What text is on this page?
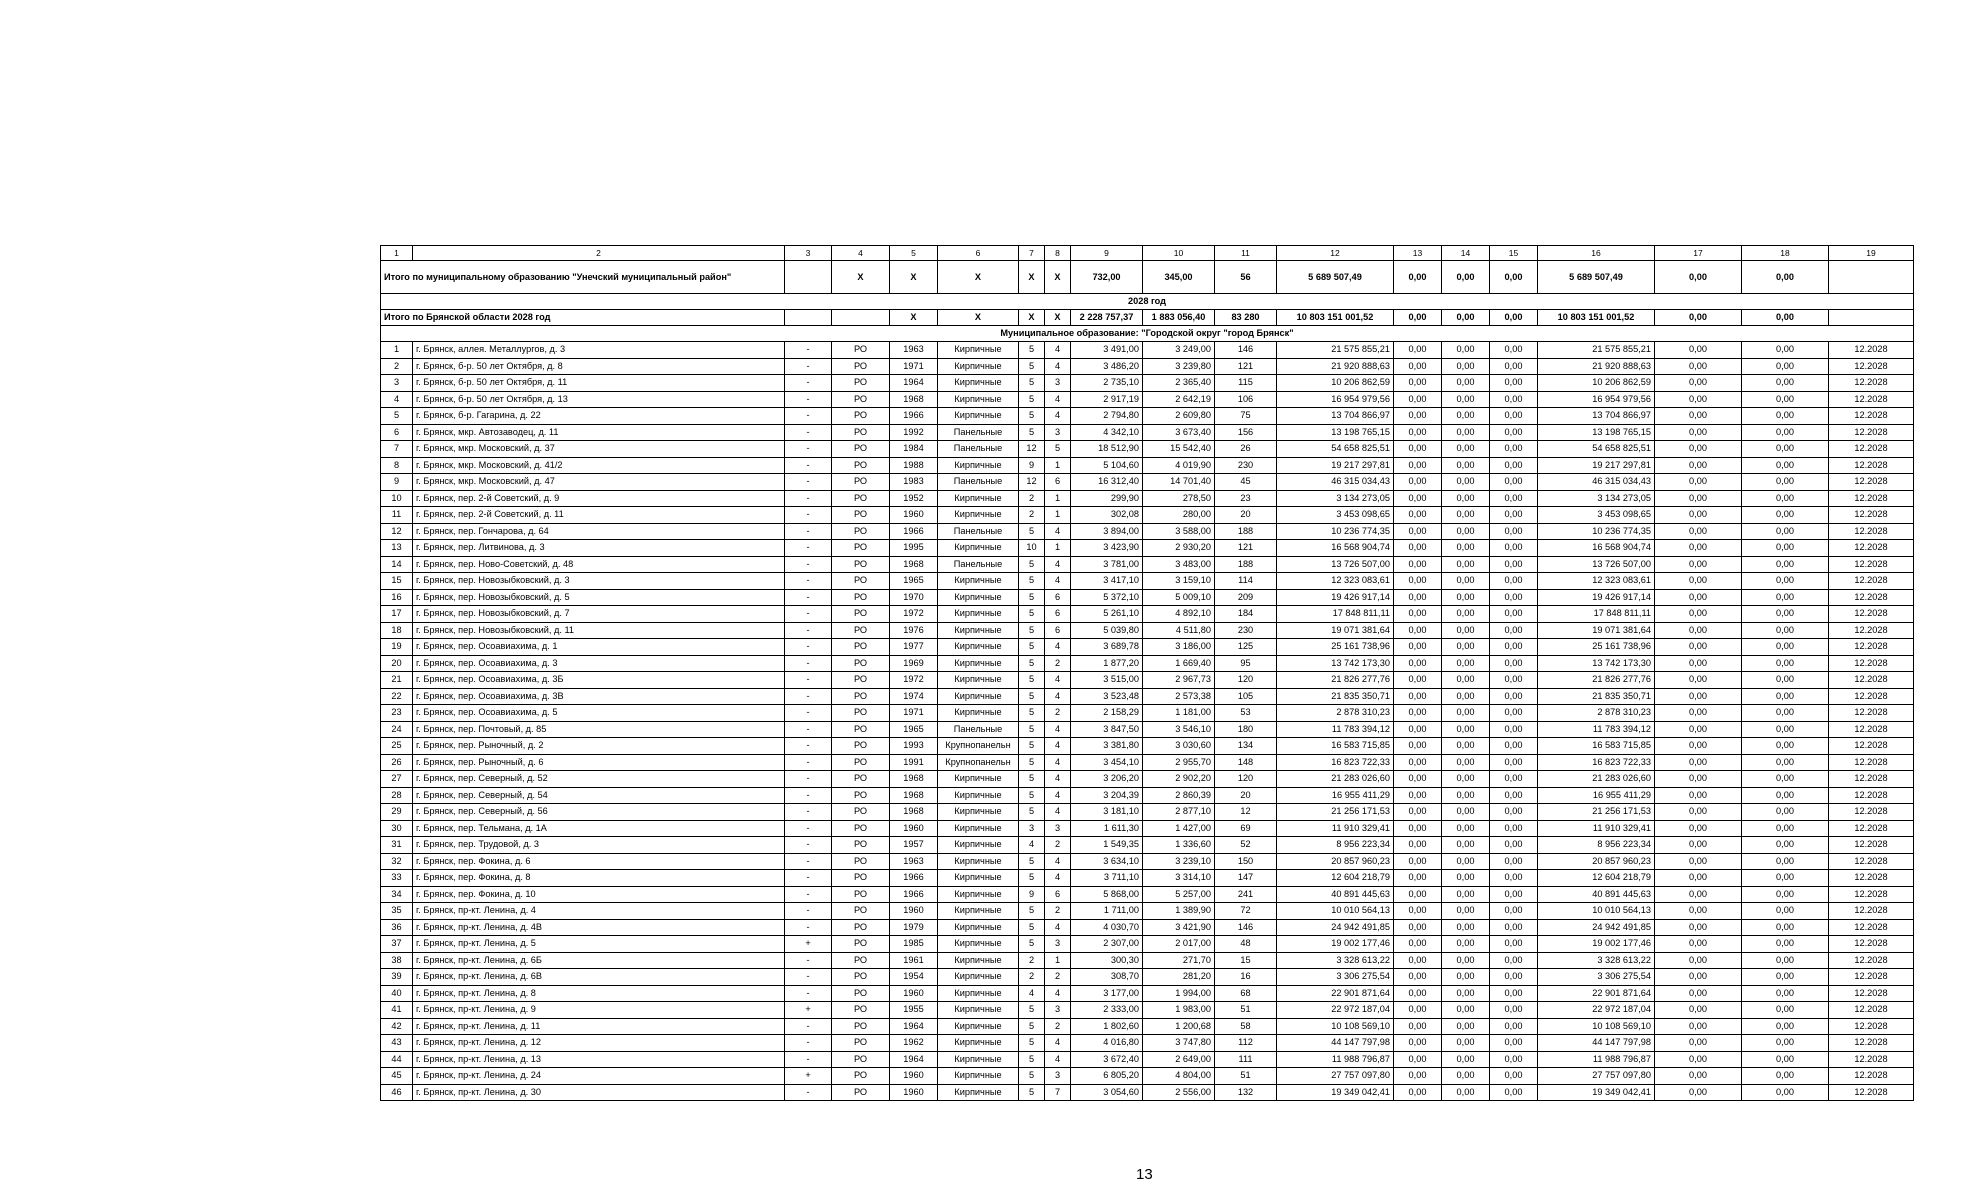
1	2	3	4	5	6	7	8	9	10	11	12	13	14	15	16	17	18	19
Итого по муниципальному образованию "Унечский муниципальный район"			X	X	X	X	X	732,00	345,00	56	5 689 507,49	0,00	0,00	0,00	5 689 507,49	0,00	0,00	
2028 год																		
Итого по Брянской области 2028 год				X	X	X	X	2 228 757,37	1 883 056,40	83 280	10 803 151 001,52	0,00	0,00	0,00	10 803 151 001,52	0,00	0,00	
Муниципальное образование: "Городской округ "город Брянск"																		
1	г. Брянск, аллея. Металлургов, д. 3	-	РО	1963	Кирпичные	5	4	3 491,00	3 249,00	146	21 575 855,21	0,00	0,00	0,00	21 575 855,21	0,00	0,00	12.2028
2	г. Брянск, б-р. 50 лет Октября, д. 8	-	РО	1971	Кирпичные	5	4	3 486,20	3 239,80	121	21 920 888,63	0,00	0,00	0,00	21 920 888,63	0,00	0,00	12.2028
3	г. Брянск, б-р. 50 лет Октября, д. 11	-	РО	1964	Кирпичные	5	3	2 735,10	2 365,40	115	10 206 862,59	0,00	0,00	0,00	10 206 862,59	0,00	0,00	12.2028
4	г. Брянск, б-р. 50 лет Октября, д. 13	-	РО	1968	Кирпичные	5	4	2 917,19	2 642,19	106	16 954 979,56	0,00	0,00	0,00	16 954 979,56	0,00	0,00	12.2028
5	г. Брянск, б-р. Гагарина, д. 22	-	РО	1966	Кирпичные	5	4	2 794,80	2 609,80	75	13 704 866,97	0,00	0,00	0,00	13 704 866,97	0,00	0,00	12.2028
6	г. Брянск, мкр. Автозаводец, д. 11	-	РО	1992	Панельные	5	3	4 342,10	3 673,40	156	13 198 765,15	0,00	0,00	0,00	13 198 765,15	0,00	0,00	12.2028
7	г. Брянск, мкр. Московский, д. 37	-	РО	1984	Панельные	12	5	18 512,90	15 542,40	26	54 658 825,51	0,00	0,00	0,00	54 658 825,51	0,00	0,00	12.2028
8	г. Брянск, мкр. Московский, д. 41/2	-	РО	1988	Кирпичные	9	1	5 104,60	4 019,90	230	19 217 297,81	0,00	0,00	0,00	19 217 297,81	0,00	0,00	12.2028
9	г. Брянск, мкр. Московский, д. 47	-	РО	1983	Панельные	12	6	16 312,40	14 701,40	45	46 315 034,43	0,00	0,00	0,00	46 315 034,43	0,00	0,00	12.2028
10	г. Брянск, пер. 2-й Советский, д. 9	-	РО	1952	Кирпичные	2	1	299,90	278,50	23	3 134 273,05	0,00	0,00	0,00	3 134 273,05	0,00	0,00	12.2028
11	г. Брянск, пер. 2-й Советский, д. 11	-	РО	1960	Кирпичные	2	1	302,08	280,00	20	3 453 098,65	0,00	0,00	0,00	3 453 098,65	0,00	0,00	12.2028
12	г. Брянск, пер. Гончарова, д. 64	-	РО	1966	Панельные	5	4	3 894,00	3 588,00	188	10 236 774,35	0,00	0,00	0,00	10 236 774,35	0,00	0,00	12.2028
13	г. Брянск, пер. Литвинова, д. 3	-	РО	1995	Кирпичные	10	1	3 423,90	2 930,20	121	16 568 904,74	0,00	0,00	0,00	16 568 904,74	0,00	0,00	12.2028
14	г. Брянск, пер. Ново-Советский, д. 48	-	РО	1968	Панельные	5	4	3 781,00	3 483,00	188	13 726 507,00	0,00	0,00	0,00	13 726 507,00	0,00	0,00	12.2028
15	г. Брянск, пер. Новозыбковский, д. 3	-	РО	1965	Кирпичные	5	4	3 417,10	3 159,10	114	12 323 083,61	0,00	0,00	0,00	12 323 083,61	0,00	0,00	12.2028
16	г. Брянск, пер. Новозыбковский, д. 5	-	РО	1970	Кирпичные	5	6	5 372,10	5 009,10	209	19 426 917,14	0,00	0,00	0,00	19 426 917,14	0,00	0,00	12.2028
17	г. Брянск, пер. Новозыбковский, д. 7	-	РО	1972	Кирпичные	5	6	5 261,10	4 892,10	184	17 848 811,11	0,00	0,00	0,00	17 848 811,11	0,00	0,00	12.2028
18	г. Брянск, пер. Новозыбковский, д. 11	-	РО	1976	Кирпичные	5	6	5 039,80	4 511,80	230	19 071 381,64	0,00	0,00	0,00	19 071 381,64	0,00	0,00	12.2028
19	г. Брянск, пер. Осоавиахима, д. 1	-	РО	1977	Кирпичные	5	4	3 689,78	3 186,00	125	25 161 738,96	0,00	0,00	0,00	25 161 738,96	0,00	0,00	12.2028
20	г. Брянск, пер. Осоавиахима, д. 3	-	РО	1969	Кирпичные	5	2	1 877,20	1 669,40	95	13 742 173,30	0,00	0,00	0,00	13 742 173,30	0,00	0,00	12.2028
21	г. Брянск, пер. Осоавиахима, д. 3Б	-	РО	1972	Кирпичные	5	4	3 515,00	2 967,73	120	21 826 277,76	0,00	0,00	0,00	21 826 277,76	0,00	0,00	12.2028
22	г. Брянск, пер. Осоавиахима, д. 3В	-	РО	1974	Кирпичные	5	4	3 523,48	2 573,38	105	21 835 350,71	0,00	0,00	0,00	21 835 350,71	0,00	0,00	12.2028
23	г. Брянск, пер. Осоавиахима, д. 5	-	РО	1971	Кирпичные	5	2	2 158,29	1 181,00	53	2 878 310,23	0,00	0,00	0,00	2 878 310,23	0,00	0,00	12.2028
24	г. Брянск, пер. Почтовый, д. 85	-	РО	1965	Панельные	5	4	3 847,50	3 546,10	180	11 783 394,12	0,00	0,00	0,00	11 783 394,12	0,00	0,00	12.2028
25	г. Брянск, пер. Рыночный, д. 2	-	РО	1993	Крупнопанельн	5	4	3 381,80	3 030,60	134	16 583 715,85	0,00	0,00	0,00	16 583 715,85	0,00	0,00	12.2028
26	г. Брянск, пер. Рыночный, д. 6	-	РО	1991	Крупнопанельн	5	4	3 454,10	2 955,70	148	16 823 722,33	0,00	0,00	0,00	16 823 722,33	0,00	0,00	12.2028
27	г. Брянск, пер. Северный, д. 52	-	РО	1968	Кирпичные	5	4	3 206,20	2 902,20	120	21 283 026,60	0,00	0,00	0,00	21 283 026,60	0,00	0,00	12.2028
28	г. Брянск, пер. Северный, д. 54	-	РО	1968	Кирпичные	5	4	3 204,39	2 860,39	20	16 955 411,29	0,00	0,00	0,00	16 955 411,29	0,00	0,00	12.2028
29	г. Брянск, пер. Северный, д. 56	-	РО	1968	Кирпичные	5	4	3 181,10	2 877,10	12	21 256 171,53	0,00	0,00	0,00	21 256 171,53	0,00	0,00	12.2028
30	г. Брянск, пер. Тельмана, д. 1А	-	РО	1960	Кирпичные	3	3	1 611,30	1 427,00	69	11 910 329,41	0,00	0,00	0,00	11 910 329,41	0,00	0,00	12.2028
31	г. Брянск, пер. Трудовой, д. 3	-	РО	1957	Кирпичные	4	2	1 549,35	1 336,60	52	8 956 223,34	0,00	0,00	0,00	8 956 223,34	0,00	0,00	12.2028
32	г. Брянск, пер. Фокина, д. 6	-	РО	1963	Кирпичные	5	4	3 634,10	3 239,10	150	20 857 960,23	0,00	0,00	0,00	20 857 960,23	0,00	0,00	12.2028
33	г. Брянск, пер. Фокина, д. 8	-	РО	1966	Кирпичные	5	4	3 711,10	3 314,10	147	12 604 218,79	0,00	0,00	0,00	12 604 218,79	0,00	0,00	12.2028
34	г. Брянск, пер. Фокина, д. 10	-	РО	1966	Кирпичные	9	6	5 868,00	5 257,00	241	40 891 445,63	0,00	0,00	0,00	40 891 445,63	0,00	0,00	12.2028
35	г. Брянск, пр-кт. Ленина, д. 4	-	РО	1960	Кирпичные	5	2	1 711,00	1 389,90	72	10 010 564,13	0,00	0,00	0,00	10 010 564,13	0,00	0,00	12.2028
36	г. Брянск, пр-кт. Ленина, д. 4В	-	РО	1979	Кирпичные	5	4	4 030,70	3 421,90	146	24 942 491,85	0,00	0,00	0,00	24 942 491,85	0,00	0,00	12.2028
37	г. Брянск, пр-кт. Ленина, д. 5	+	РО	1985	Кирпичные	5	3	2 307,00	2 017,00	48	19 002 177,46	0,00	0,00	0,00	19 002 177,46	0,00	0,00	12.2028
38	г. Брянск, пр-кт. Ленина, д. 6Б	-	РО	1961	Кирпичные	2	1	300,30	271,70	15	3 328 613,22	0,00	0,00	0,00	3 328 613,22	0,00	0,00	12.2028
39	г. Брянск, пр-кт. Ленина, д. 6В	-	РО	1954	Кирпичные	2	2	308,70	281,20	16	3 306 275,54	0,00	0,00	0,00	3 306 275,54	0,00	0,00	12.2028
40	г. Брянск, пр-кт. Ленина, д. 8	-	РО	1960	Кирпичные	4	4	3 177,00	1 994,00	68	22 901 871,64	0,00	0,00	0,00	22 901 871,64	0,00	0,00	12.2028
41	г. Брянск, пр-кт. Ленина, д. 9	+	РО	1955	Кирпичные	5	3	2 333,00	1 983,00	51	22 972 187,04	0,00	0,00	0,00	22 972 187,04	0,00	0,00	12.2028
42	г. Брянск, пр-кт. Ленина, д. 11	-	РО	1964	Кирпичные	5	2	1 802,60	1 200,68	58	10 108 569,10	0,00	0,00	0,00	10 108 569,10	0,00	0,00	12.2028
43	г. Брянск, пр-кт. Ленина, д. 12	-	РО	1962	Кирпичные	5	4	4 016,80	3 747,80	112	44 147 797,98	0,00	0,00	0,00	44 147 797,98	0,00	0,00	12.2028
44	г. Брянск, пр-кт. Ленина, д. 13	-	РО	1964	Кирпичные	5	4	3 672,40	2 649,00	111	11 988 796,87	0,00	0,00	0,00	11 988 796,87	0,00	0,00	12.2028
45	г. Брянск, пр-кт. Ленина, д. 24	+	РО	1960	Кирпичные	5	3	6 805,20	4 804,00	51	27 757 097,80	0,00	0,00	0,00	27 757 097,80	0,00	0,00	12.2028
46	г. Брянск, пр-кт. Ленина, д. 30	-	РО	1960	Кирпичные	5	7	3 054,60	2 556,00	132	19 349 042,41	0,00	0,00	0,00	19 349 042,41	0,00	0,00	12.2028
13
